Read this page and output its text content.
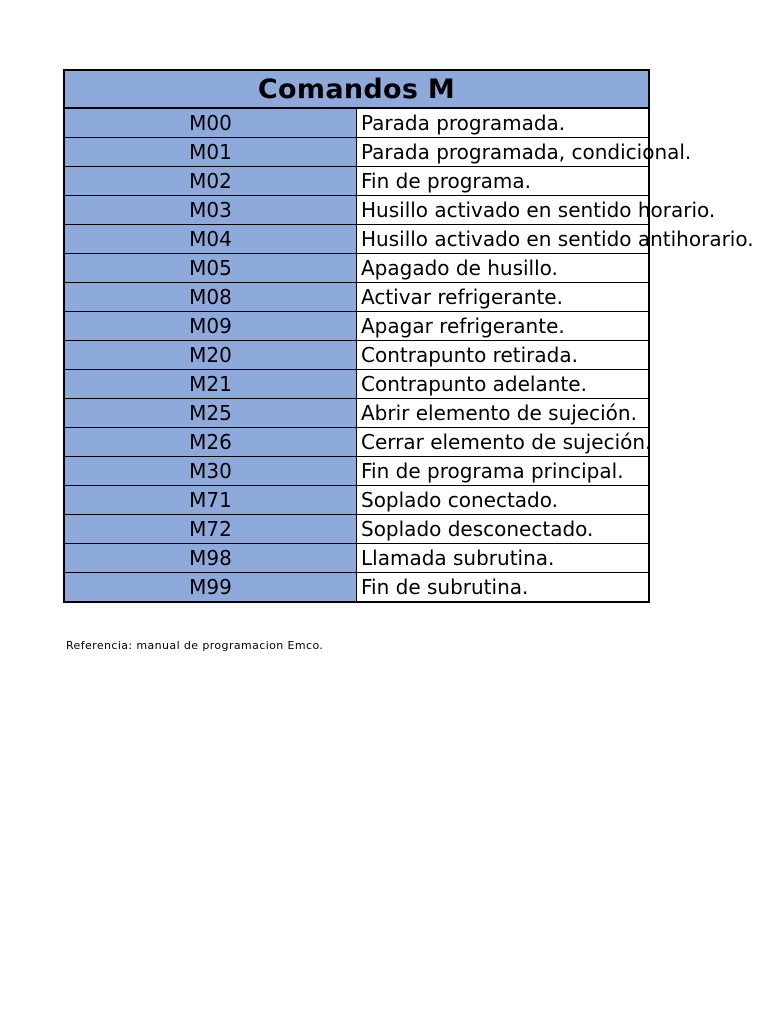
Comandos M	
M00	Parada programada.
M01	Parada programada, condicional.
M02	Fin de programa.
M03	Husillo activado en sentido horario.
M04	Husillo activado en sentido antihorario.
M05	Apagado de husillo.
M08	Activar refrigerante.
M09	Apagar refrigerante.
M20	Contrapunto retirada.
M21	Contrapunto adelante.
M25	Abrir elemento de sujeción.
M26	Cerrar elemento de sujeción.
M30	Fin de programa principal.
M71	Soplado conectado.
M72	Soplado desconectado.
M98	Llamada subrutina.
M99	Fin de subrutina.
Referencia: manual de programacion Emco.
